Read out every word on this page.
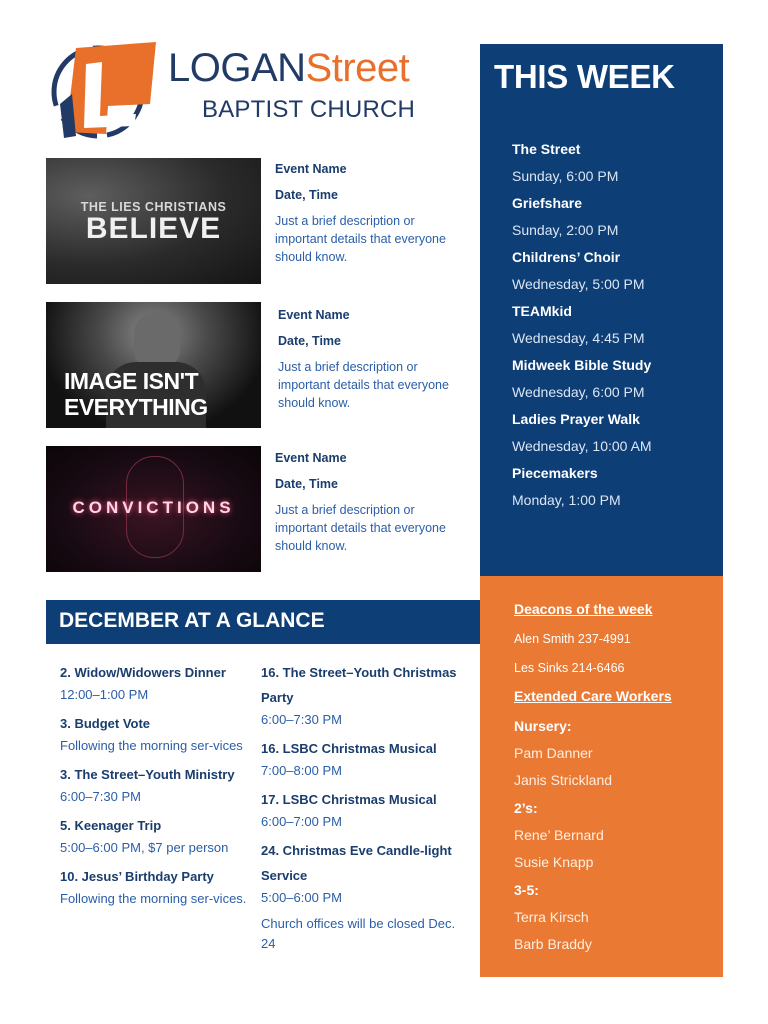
LOGANStreet
BAPTIST CHURCH
THE LIES CHRISTIANS
BELIEVE
Event Name
Date, Time
Just a brief description or important details that everyone should know.
IMAGE ISN'T
EVERYTHING
Event Name
Date, Time
Just a brief description or important details that everyone should know.
CONVICTIONS
Event Name
Date, Time
Just a brief description or important details that everyone should know.
THIS WEEK
The Street
Sunday, 6:00 PM
Griefshare
Sunday, 2:00 PM
Childrens’ Choir
Wednesday, 5:00 PM
TEAMkid
Wednesday, 4:45 PM
Midweek Bible Study
Wednesday, 6:00 PM
Ladies Prayer Walk
Wednesday, 10:00 AM
Piecemakers
Monday, 1:00 PM
Deacons of the week
Alen Smith 237-4991
Les Sinks 214-6466
Extended Care Workers
Nursery:
Pam Danner
Janis Strickland
2’s:
Rene’ Bernard
Susie Knapp
3-5:
Terra Kirsch
Barb Braddy
DECEMBER AT A GLANCE
2. Widow/Widowers Dinner
12:00–1:00 PM
3. Budget Vote
Following the morning ser-vices
3. The Street–Youth Ministry
6:00–7:30 PM
5. Keenager Trip
5:00–6:00 PM, $7 per person
10. Jesus’ Birthday Party
Following the morning ser-vices.
16. The Street–Youth Christmas Party
6:00–7:30 PM
16. LSBC Christmas Musical
7:00–8:00 PM
17. LSBC Christmas Musical
6:00–7:00 PM
24. Christmas Eve Candle-light Service
5:00–6:00 PM
Church offices will be closed Dec. 24
